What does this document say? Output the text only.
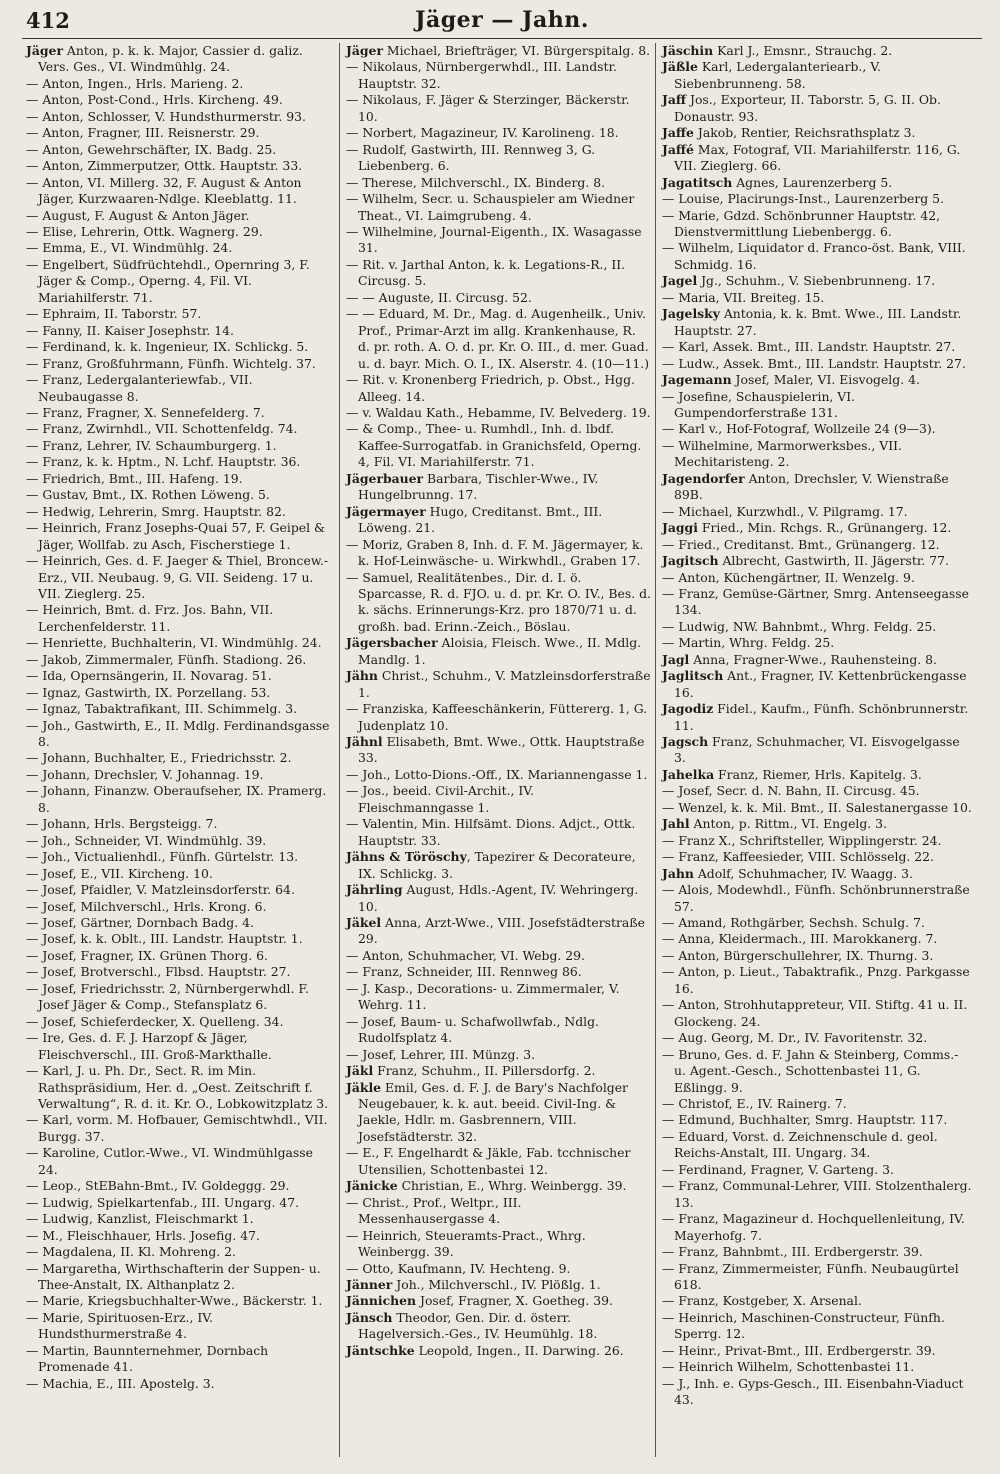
412	Jäger — Jahn.

Jäger Anton, p. k. k. Major, Cassier d. galiz. Vers. Ges., VI. Windmühlg. 24.

— Anton, Ingen., Hrls. Marieng. 2.

— Anton, Post-Cond., Hrls. Kircheng. 49.

— Anton, Schlosser, V. Hundsthurmerstr. 93.

— Anton, Fragner, III. Reisnerstr. 29.

— Anton, Gewehrschäfter, IX. Badg. 25.

— Anton, Zimmerputzer, Ottk. Hauptstr. 33.

— Anton, VI. Millerg. 32, F. August & Anton Jäger, Kurzwaaren-Ndlge. Kleeblattg. 11.

— August, F. August & Anton Jäger.

— Elise, Lehrerin, Ottk. Wagnerg. 29.

— Emma, E., VI. Windmühlg. 24.

— Engelbert, Südfrüchtehdl., Opernring 3, F. Jäger & Comp., Operng. 4, Fil. VI. Mariahilferstr. 71.

— Ephraim, II. Taborstr. 57.

— Fanny, II. Kaiser Josephstr. 14.

— Ferdinand, k. k. Ingenieur, IX. Schlickg. 5.

— Franz, Großfuhrmann, Fünfh. Wichtelg. 37.

— Franz, Ledergalanteriewfab., VII. Neubaugasse 8.

— Franz, Fragner, X. Sennefelderg. 7.

— Franz, Zwirnhdl., VII. Schottenfeldg. 74.

— Franz, Lehrer, IV. Schaumburgerg. 1.

— Franz, k. k. Hptm., N. Lchf. Hauptstr. 36.

— Friedrich, Bmt., III. Hafeng. 19.

— Gustav, Bmt., IX. Rothen Löweng. 5.

— Hedwig, Lehrerin, Smrg. Hauptstr. 82.

— Heinrich, Franz Josephs-Quai 57, F. Geipel & Jäger, Wollfab. zu Asch, Fischerstiege 1.

— Heinrich, Ges. d. F. Jaeger & Thiel, Broncew.-Erz., VII. Neubaug. 9, G. VII. Seideng. 17 u. VII. Zieglerg. 25.

— Heinrich, Bmt. d. Frz. Jos. Bahn, VII. Lerchenfelderstr. 11.

— Henriette, Buchhalterin, VI. Windmühlg. 24.

— Jakob, Zimmermaler, Fünfh. Stadiong. 26.

— Ida, Opernsängerin, II. Novarag. 51.

— Ignaz, Gastwirth, IX. Porzellang. 53.

— Ignaz, Tabaktrafikant, III. Schimmelg. 3.

— Joh., Gastwirth, E., II. Mdlg. Ferdinandsgasse 8.

— Johann, Buchhalter, E., Friedrichsstr. 2.

— Johann, Drechsler, V. Johannag. 19.

— Johann, Finanzw. Oberaufseher, IX. Pramerg. 8.

— Johann, Hrls. Bergsteigg. 7.

— Joh., Schneider, VI. Windmühlg. 39.

— Joh., Victualienhdl., Fünfh. Gürtelstr. 13.

— Josef, E., VII. Kircheng. 10.

— Josef, Pfaidler, V. Matzleinsdorferstr. 64.

— Josef, Milchverschl., Hrls. Krong. 6.

— Josef, Gärtner, Dornbach Badg. 4.

— Josef, k. k. Oblt., III. Landstr. Hauptstr. 1.

— Josef, Fragner, IX. Grünen Thorg. 6.

— Josef, Brotverschl., Flbsd. Hauptstr. 27.

— Josef, Friedrichsstr. 2, Nürnbergerwhdl. F. Josef Jäger & Comp., Stefansplatz 6.

— Josef, Schieferdecker, X. Quelleng. 34.

— Ire, Ges. d. F. J. Harzopf & Jäger, Fleischverschl., III. Groß-Markthalle.

— Karl, J. u. Ph. Dr., Sect. R. im Min. Rathspräsidium, Her. d. „Oest. Zeitschrift f. Verwaltung“, R. d. it. Kr. O., Lobkowitzplatz 3.

— Karl, vorm. M. Hofbauer, Gemischtwhdl., VII. Burgg. 37.

— Karoline, Cutlor.-Wwe., VI. Windmühlgasse 24.

— Leop., StEBahn-Bmt., IV. Goldeggg. 29.

— Ludwig, Spielkartenfab., III. Ungarg. 47.

— Ludwig, Kanzlist, Fleischmarkt 1.

— M., Fleischhauer, Hrls. Josefig. 47.

— Magdalena, II. Kl. Mohreng. 2.

— Margaretha, Wirthschafterin der Suppen- u. Thee-Anstalt, IX. Althanplatz 2.

— Marie, Kriegsbuchhalter-Wwe., Bäckerstr. 1.

— Marie, Spirituosen-Erz., IV. Hundsthurmerstraße 4.

— Martin, Baunnternehmer, Dornbach Promenade 41.

— Machia, E., III. Apostelg. 3.

Jäger Michael, Briefträger, VI. Bürgerspitalg. 8.

— Nikolaus, Nürnbergerwhdl., III. Landstr. Hauptstr. 32.

— Nikolaus, F. Jäger & Sterzinger, Bäckerstr. 10.

— Norbert, Magazineur, IV. Karolineng. 18.

— Rudolf, Gastwirth, III. Rennweg 3, G. Liebenberg. 6.

— Therese, Milchverschl., IX. Binderg. 8.

— Wilhelm, Secr. u. Schauspieler am Wiedner Theat., VI. Laimgrubeng. 4.

— Wilhelmine, Journal-Eigenth., IX. Wasagasse 31.

— Rit. v. Jarthal Anton, k. k. Legations-R., II. Circusg. 5.

— — Auguste, II. Circusg. 52.

— — Eduard, M. Dr., Mag. d. Augenheilk., Univ. Prof., Primar-Arzt im allg. Krankenhause, R. d. pr. roth. A. O. d. pr. Kr. O. III., d. mer. Guad. u. d. bayr. Mich. O. I., IX. Alserstr. 4. (10—11.)

— Rit. v. Kronenberg Friedrich, p. Obst., Hgg. Alleeg. 14.

— v. Waldau Kath., Hebamme, IV. Belvederg. 19.

— & Comp., Thee- u. Rumhdl., Inh. d. lbdf. Kaffee-Surrogatfab. in Granichsfeld, Operng. 4, Fil. VI. Mariahilferstr. 71.

Jägerbauer Barbara, Tischler-Wwe., IV. Hungelbrunng. 17.

Jägermayer Hugo, Creditanst. Bmt., III. Löweng. 21.

— Moriz, Graben 8, Inh. d. F. M. Jägermayer, k. k. Hof-Leinwäsche- u. Wirkwhdl., Graben 17.

— Samuel, Realitätenbes., Dir. d. I. ö. Sparcasse, R. d. FJO. u. d. pr. Kr. O. IV., Bes. d. k. sächs. Erinnerungs-Krz. pro 1870/71 u. d. großh. bad. Erinn.-Zeich., Böslau.

Jägersbacher Aloisia, Fleisch. Wwe., II. Mdlg. Mandlg. 1.

Jähn Christ., Schuhm., V. Matzleinsdorferstraße 1.

— Franziska, Kaffeeschänkerin, Füttererg. 1, G. Judenplatz 10.

Jähnl Elisabeth, Bmt. Wwe., Ottk. Hauptstraße 33.

— Joh., Lotto-Dions.-Off., IX. Mariannengasse 1.

— Jos., beeid. Civil-Archit., IV. Fleischmanngasse 1.

— Valentin, Min. Hilfsämt. Dions. Adjct., Ottk. Hauptstr. 33.

Jähns & Töröschy, Tapezirer & Decorateure, IX. Schlickg. 3.

Jährling August, Hdls.-Agent, IV. Wehringerg. 10.

Jäkel Anna, Arzt-Wwe., VIII. Josefstädterstraße 29.

— Anton, Schuhmacher, VI. Webg. 29.

— Franz, Schneider, III. Rennweg 86.

— J. Kasp., Decorations- u. Zimmermaler, V. Wehrg. 11.

— Josef, Baum- u. Schafwollwfab., Ndlg. Rudolfsplatz 4.

— Josef, Lehrer, III. Münzg. 3.

Jäkl Franz, Schuhm., II. Pillersdorfg. 2.

Jäkle Emil, Ges. d. F. J. de Bary's Nachfolger Neugebauer, k. k. aut. beeid. Civil-Ing. & Jaekle, Hdlr. m. Gasbrennern, VIII. Josefstädterstr. 32.

— E., F. Engelhardt & Jäkle, Fab. tcchnischer Utensilien, Schottenbastei 12.

Jänicke Christian, E., Whrg. Weinbergg. 39.

— Christ., Prof., Weltpr., III. Messenhausergasse 4.

— Heinrich, Steueramts-Pract., Whrg. Weinbergg. 39.

— Otto, Kaufmann, IV. Hechteng. 9.

Jänner Joh., Milchverschl., IV. Plößlg. 1.

Jännichen Josef, Fragner, X. Goetheg. 39.

Jänsch Theodor, Gen. Dir. d. österr. Hagelversich.-Ges., IV. Heumühlg. 18.

Jäntschke Leopold, Ingen., II. Darwing. 26.

Jäschin Karl J., Emsnr., Strauchg. 2.

Jäßle Karl, Ledergalanteriearb., V. Siebenbrunneng. 58.

Jaff Jos., Exporteur, II. Taborstr. 5, G. II. Ob. Donaustr. 93.

Jaffe Jakob, Rentier, Reichsrathsplatz 3.

Jaffé Max, Fotograf, VII. Mariahilferstr. 116, G. VII. Zieglerg. 66.

Jagatitsch Agnes, Laurenzerberg 5.

— Louise, Placirungs-Inst., Laurenzerberg 5.

— Marie, Gdzd. Schönbrunner Hauptstr. 42, Dienstvermittlung Liebenbergg. 6.

— Wilhelm, Liquidator d. Franco-öst. Bank, VIII. Schmidg. 16.

Jagel Jg., Schuhm., V. Siebenbrunneng. 17.

— Maria, VII. Breiteg. 15.

Jagelsky Antonia, k. k. Bmt. Wwe., III. Landstr. Hauptstr. 27.

— Karl, Assek. Bmt., III. Landstr. Hauptstr. 27.

— Ludw., Assek. Bmt., III. Landstr. Hauptstr. 27.

Jagemann Josef, Maler, VI. Eisvogelg. 4.

— Josefine, Schauspielerin, VI. Gumpendorferstraße 131.

— Karl v., Hof-Fotograf, Wollzeile 24 (9—3).

— Wilhelmine, Marmorwerksbes., VII. Mechitaristeng. 2.

Jagendorfer Anton, Drechsler, V. Wienstraße 89B.

— Michael, Kurzwhdl., V. Pilgramg. 17.

Jaggi Fried., Min. Rchgs. R., Grünangerg. 12.

— Fried., Creditanst. Bmt., Grünangerg. 12.

Jagitsch Albrecht, Gastwirth, II. Jägerstr. 77.

— Anton, Küchengärtner, II. Wenzelg. 9.

— Franz, Gemüse-Gärtner, Smrg. Antenseegasse 134.

— Ludwig, NW. Bahnbmt., Whrg. Feldg. 25.

— Martin, Whrg. Feldg. 25.

Jagl Anna, Fragner-Wwe., Rauhensteing. 8.

Jaglitsch Ant., Fragner, IV. Kettenbrückengasse 16.

Jagodiz Fidel., Kaufm., Fünfh. Schönbrunnerstr. 11.

Jagsch Franz, Schuhmacher, VI. Eisvogelgasse 3.

Jahelka Franz, Riemer, Hrls. Kapitelg. 3.

— Josef, Secr. d. N. Bahn, II. Circusg. 45.

— Wenzel, k. k. Mil. Bmt., II. Salestanergasse 10.

Jahl Anton, p. Rittm., VI. Engelg. 3.

— Franz X., Schriftsteller, Wipplingerstr. 24.

— Franz, Kaffeesieder, VIII. Schlösselg. 22.

Jahn Adolf, Schuhmacher, IV. Waagg. 3.

— Alois, Modewhdl., Fünfh. Schönbrunnerstraße 57.

— Amand, Rothgärber, Sechsh. Schulg. 7.

— Anna, Kleidermach., III. Marokkanerg. 7.

— Anton, Bürgerschullehrer, IX. Thurng. 3.

— Anton, p. Lieut., Tabaktrafik., Pnzg. Parkgasse 16.

— Anton, Strohhutappreteur, VII. Stiftg. 41 u. II. Glockeng. 24.

— Aug. Georg, M. Dr., IV. Favoritenstr. 32.

— Bruno, Ges. d. F. Jahn & Steinberg, Comms.- u. Agent.-Gesch., Schottenbastei 11, G. Eßlingg. 9.

— Christof, E., IV. Rainerg. 7.

— Edmund, Buchhalter, Smrg. Hauptstr. 117.

— Eduard, Vorst. d. Zeichnenschule d. geol. Reichs-Anstalt, III. Ungarg. 34.

— Ferdinand, Fragner, V. Garteng. 3.

— Franz, Communal-Lehrer, VIII. Stolzenthalerg. 13.

— Franz, Magazineur d. Hochquellenleitung, IV. Mayerhofg. 7.

— Franz, Bahnbmt., III. Erdbergerstr. 39.

— Franz, Zimmermeister, Fünfh. Neubaugürtel 618.

— Franz, Kostgeber, X. Arsenal.

— Heinrich, Maschinen-Constructeur, Fünfh. Sperrg. 12.

— Heinr., Privat-Bmt., III. Erdbergerstr. 39.

— Heinrich Wilhelm, Schottenbastei 11.

— J., Inh. e. Gyps-Gesch., III. Eisenbahn-Viaduct 43.
